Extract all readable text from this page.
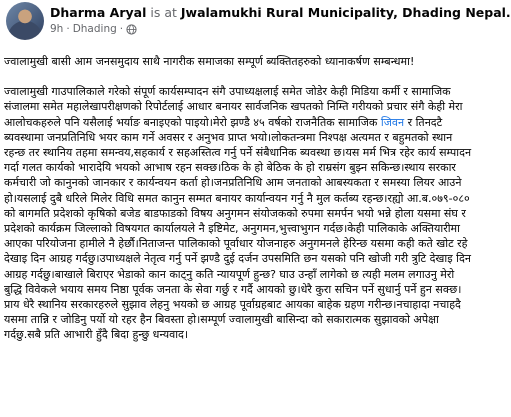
Dharma Aryal is at Jwalamukhi Rural Municipality, Dhading Nepal.
9h · Dhading ·

ज्वालामुखी बासी आम जनसमुदाय साथै नागरीक समाजका सम्पूर्ण ब्यक्तितहरुको ध्यानाकर्षण सम्बन्धमा!

ज्वालामुखी गाउपालिकाले गरेको संपूर्ण कार्यसम्पादन संगै उपाध्यक्षलाई समेत जोडेर केही मिडिया कर्मी र सामाजिक संजालमा समेत महालेखापरीक्षणको रिपोर्टलाई आधार बनायर सार्वजनिक खपतको निम्ति गरीयको प्रचार संगै केही मेरा आलोचकहरुले पनि यसैलाई भर्याङ बनाइएको पाइयो।मेरो झण्डै ४५ वर्षको राजनैतिक सामाजिक जिवन र तिनदटै ब्यवस्थामा जनप्रतिनिधि भयर काम गर्ने अवसर र अनुभव प्राप्त भयो।लोकतन्त्रमा निश्पक्ष अत्यमत र बहुमतको स्थान रहन्छ तर स्थानिय तहमा समन्वय,सहकार्य र सहअस्तित्व गर्नु पर्ने संबैधानिक ब्यवस्था छ।यस मर्म भित्र रहेर कार्य सम्पादन गर्दा गलत कार्यको भारादेयि भयको आभाष रहन सक्छ।ठिक के हो बेठिक के हो राम्रसंग बुझ्न सकिन्छ।स्थाय सरकार कर्मचारी जो कानुनको जानकार र कार्यन्वयन कर्ता हो।जनप्रतिनिधि आम जनताको आबस्यकता र समस्या लियर आउने हो।यसलाई दुबै धरिले मिलेर विधि समत कानुन सम्मत बनायर कार्यान्वयन गर्नु नै मुल कर्तब्य रहन्छ।रह्यो आ.ब.०७९-०८० को बागमति प्रदेशको कृषिको बजेड बाडफाडको विषय अनुगमन संयोजकको रुपमा समर्पन भयो भन्ने होला यसमा संघ र प्रदेशको कार्यक्रम जिल्लाको विषयगत कार्यालयले नै इष्टिमेट, अनुगमन,भुत्त्वाभुगन गर्दछ।केही पालिकाके अक्तियारीमा आएका परियोजना हामीले नै हेर्छौ।निताजन्त पालिकाको पूर्वाधार योजनाहरु अनुगमनले हेरिन्छ यसमा कही कते खोट रहे देखाइ दिन आग्रह गर्दछु।उपाध्यक्षले नेतृत्व गर्नु पर्ने झण्डै दुई दर्जन उपसमिति छन यसको पनि खोजी गरी त्रुटि देखाइ दिन आग्रह गर्दछु।बाखाले बिराएर भेडाको कान काट्नु कति न्यायपूर्ण हुन्छ? घाउ उन्हाँ लागेको छ त्यही मलम लगाउनु मेरो बुद्धि विवेकले भयाय समय निष्ठा पूर्वक जनता के सेवा गर्छु र गर्दै आयको छु।धेरै कुरा सचिन पर्ने सुधार्नु पर्ने हुन सक्छ।प्राय धेरै स्थानिय सरकारहरुले सुझाव लेहनु भयको छ आग्रह पूर्वाग्रहबाट आयका बाहेक ग्रहण गरीन्छ।नचाहादा नचाहदै यसमा तान्नि र जोडिनु पर्यो यो रहर हैन बिवस्ता हो।सम्पूर्ण ज्वालामुखी बासिन्दा को सकारात्मक सुझावको अपेक्षा गर्दछु.सबै प्रति आभारी हुँदै बिदा हुन्छु धन्यवाद।
